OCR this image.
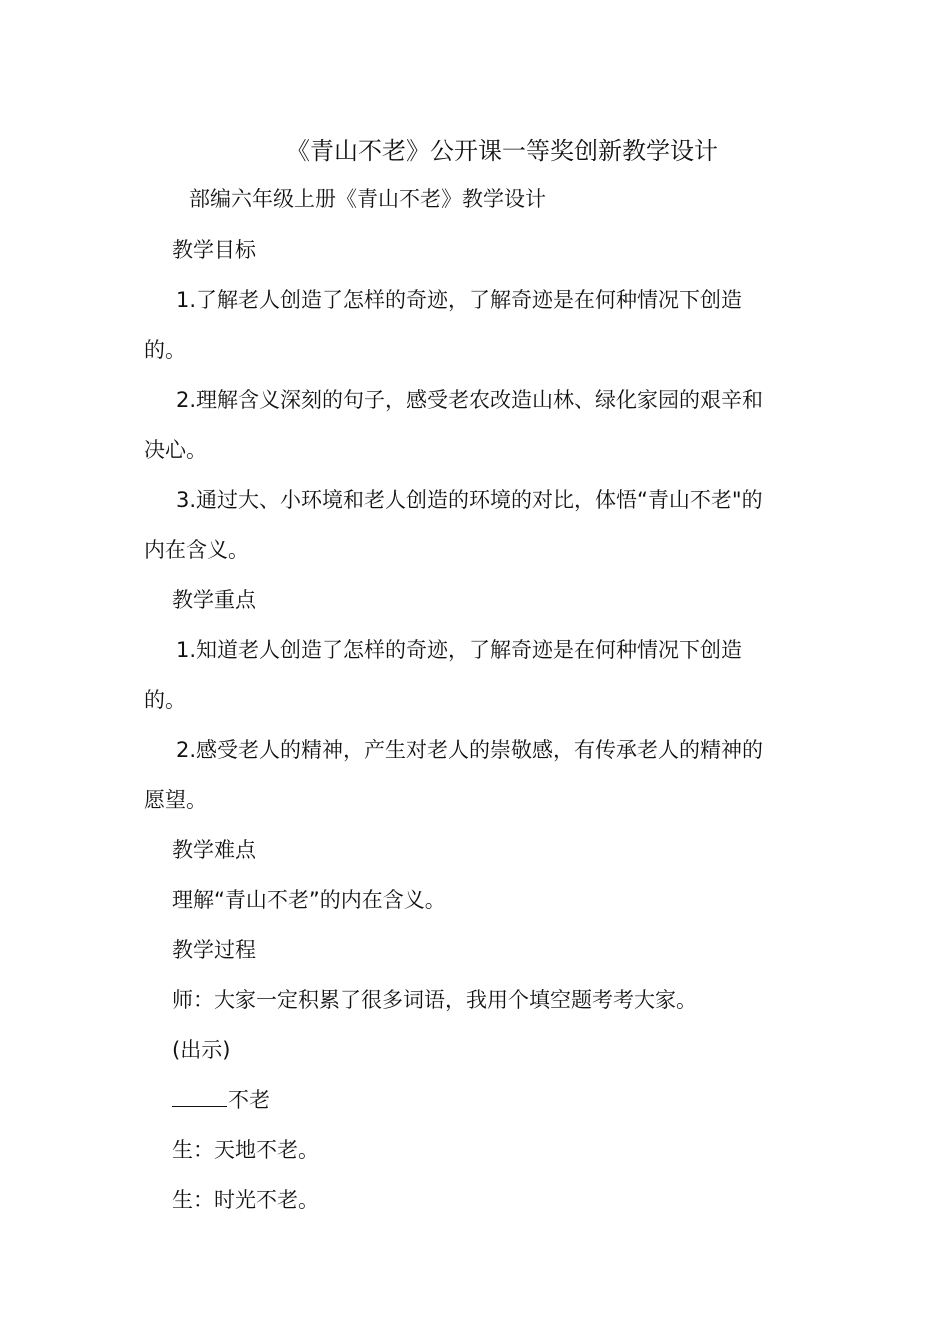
《青山不老》公开课一等奖创新教学设计
部编六年级上册《青山不老》教学设计
教学目标
1.了解老人创造了怎样的奇迹，了解奇迹是在何种情况下创造
的。
2.理解含义深刻的句子，感受老农改造山林、绿化家园的艰辛和
决心。
3.通过大、小环境和老人创造的环境的对比，体悟“青山不老"的
内在含义。
教学重点
1.知道老人创造了怎样的奇迹，了解奇迹是在何种情况下创造
的。
2.感受老人的精神，产生对老人的崇敬感，有传承老人的精神的
愿望。
教学难点
理解“青山不老”的内在含义。
教学过程
师：大家一定积累了很多词语，我用个填空题考考大家。
(出示)
不老
生：天地不老。
生：时光不老。
